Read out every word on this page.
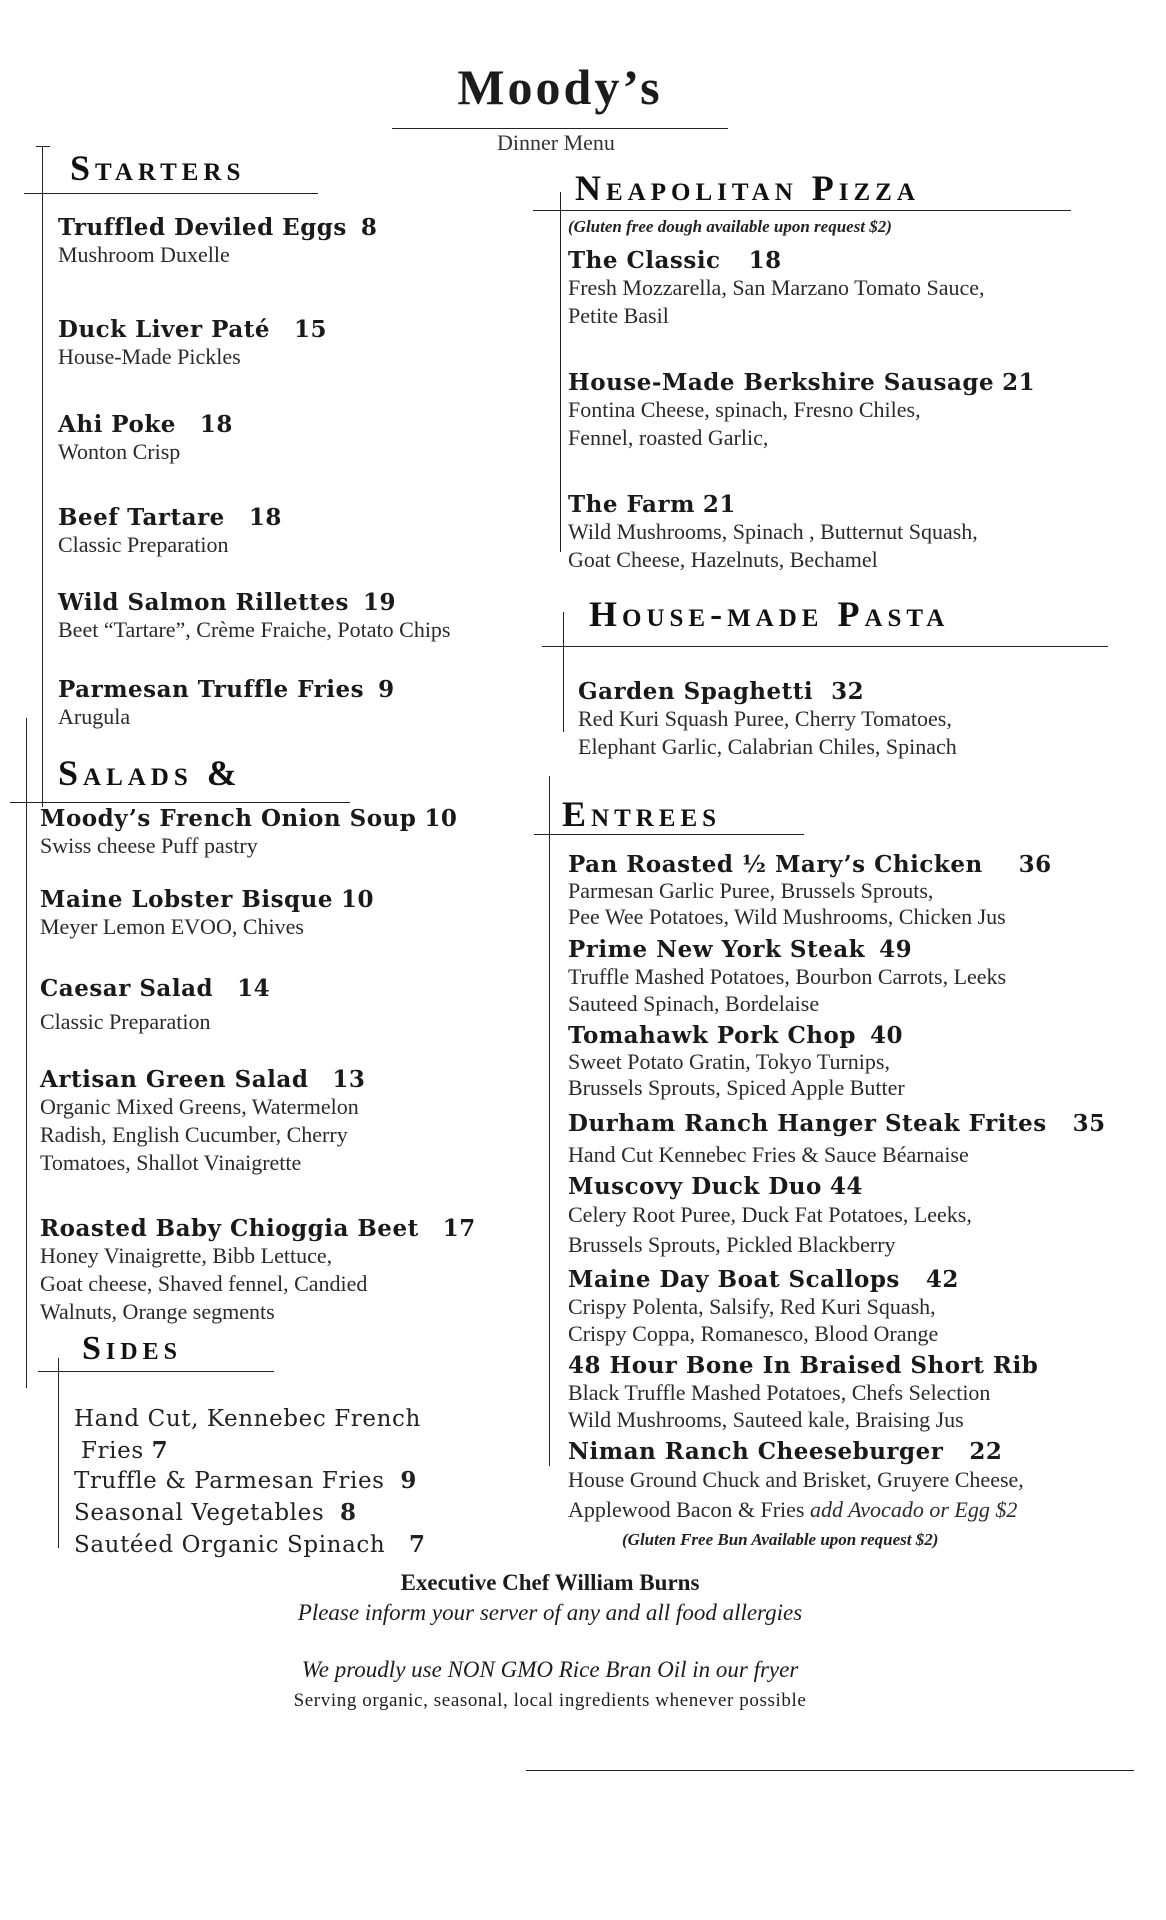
Moody’s
Dinner Menu
Starters
Truffled Deviled Eggs 8
Mushroom Duxelle
Duck Liver Paté 15
House-Made Pickles
Ahi Poke 18
Wonton Crisp
Beef Tartare 18
Classic Preparation
Wild Salmon Rillettes 19
Beet “Tartare”, Crème Fraiche, Potato Chips
Parmesan Truffle Fries 9
Arugula
Salads &
Moody’s French Onion Soup 10
Swiss cheese Puff pastry
Maine Lobster Bisque 10
Meyer Lemon EVOO, Chives
Caesar Salad 14
Classic Preparation
Artisan Green Salad 13
Organic Mixed Greens, Watermelon
Radish, English Cucumber, Cherry
Tomatoes, Shallot Vinaigrette
Roasted Baby Chioggia Beet 17
Honey Vinaigrette, Bibb Lettuce,
Goat cheese, Shaved fennel, Candied
Walnuts, Orange segments
Sides
Hand Cut, Kennebec French
Fries 7
Truffle & Parmesan Fries 9
Seasonal Vegetables 8
Sautéed Organic Spinach 7
Neapolitan Pizza
(Gluten free dough available upon request $2)
The Classic 18
Fresh Mozzarella, San Marzano Tomato Sauce,
Petite Basil
House-Made Berkshire Sausage 21
Fontina Cheese, spinach, Fresno Chiles,
Fennel, roasted Garlic,
The Farm 21
Wild Mushrooms, Spinach , Butternut Squash,
Goat Cheese, Hazelnuts, Bechamel
House-made Pasta
Garden Spaghetti 32
Red Kuri Squash Puree, Cherry Tomatoes,
Elephant Garlic, Calabrian Chiles, Spinach
Entrees
Pan Roasted ½ Mary’s Chicken 36
Parmesan Garlic Puree, Brussels Sprouts,
Pee Wee Potatoes, Wild Mushrooms, Chicken Jus
Prime New York Steak 49
Truffle Mashed Potatoes, Bourbon Carrots, Leeks
Sauteed Spinach, Bordelaise
Tomahawk Pork Chop 40
Sweet Potato Gratin, Tokyo Turnips,
Brussels Sprouts, Spiced Apple Butter
Durham Ranch Hanger Steak Frites 35
Hand Cut Kennebec Fries & Sauce Béarnaise
Muscovy Duck Duo 44
Celery Root Puree, Duck Fat Potatoes, Leeks,
Brussels Sprouts, Pickled Blackberry
Maine Day Boat Scallops 42
Crispy Polenta, Salsify, Red Kuri Squash,
Crispy Coppa, Romanesco, Blood Orange
48 Hour Bone In Braised Short Rib
Black Truffle Mashed Potatoes, Chefs Selection
Wild Mushrooms, Sauteed kale, Braising Jus
Niman Ranch Cheeseburger 22
House Ground Chuck and Brisket, Gruyere Cheese,
Applewood Bacon & Fries add Avocado or Egg $2
(Gluten Free Bun Available upon request $2)
Executive Chef William Burns
Please inform your server of any and all food allergies
We proudly use NON GMO Rice Bran Oil in our fryer
Serving organic, seasonal, local ingredients whenever possible
